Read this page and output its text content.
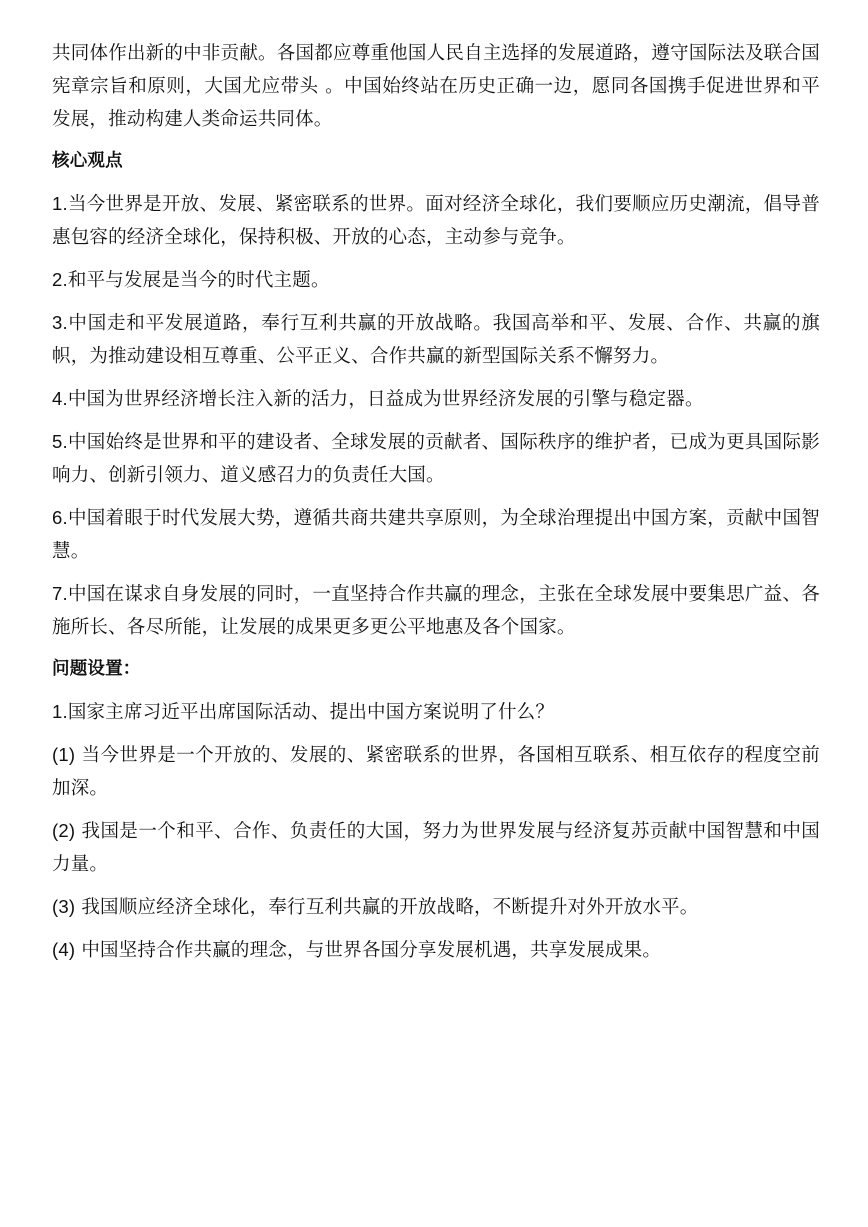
共同体作出新的中非贡献。各国都应尊重他国人民自主选择的发展道路，遵守国际法及联合国宪章宗旨和原则，大国尤应带头 。中国始终站在历史正确一边，愿同各国携手促进世界和平发展，推动构建人类命运共同体。

核心观点

1.当今世界是开放、发展、紧密联系的世界。面对经济全球化，我们要顺应历史潮流，倡导普惠包容的经济全球化，保持积极、开放的心态，主动参与竞争。

2.和平与发展是当今的时代主题。

3.中国走和平发展道路，奉行互利共赢的开放战略。我国高举和平、发展、合作、共赢的旗帜，为推动建设相互尊重、公平正义、合作共赢的新型国际关系不懈努力。

4.中国为世界经济增长注入新的活力，日益成为世界经济发展的引擎与稳定器。

5.中国始终是世界和平的建设者、全球发展的贡献者、国际秩序的维护者，已成为更具国际影响力、创新引领力、道义感召力的负责任大国。

6.中国着眼于时代发展大势，遵循共商共建共享原则，为全球治理提出中国方案，贡献中国智慧。

7.中国在谋求自身发展的同时，一直坚持合作共赢的理念，主张在全球发展中要集思广益、各施所长、各尽所能，让发展的成果更多更公平地惠及各个国家。

问题设置：

1.国家主席习近平出席国际活动、提出中国方案说明了什么？

(1) 当今世界是一个开放的、发展的、紧密联系的世界，各国相互联系、相互依存的程度空前加深。

(2) 我国是一个和平、合作、负责任的大国，努力为世界发展与经济复苏贡献中国智慧和中国力量。

(3) 我国顺应经济全球化，奉行互利共赢的开放战略，不断提升对外开放水平。

(4) 中国坚持合作共赢的理念，与世界各国分享发展机遇，共享发展成果。
